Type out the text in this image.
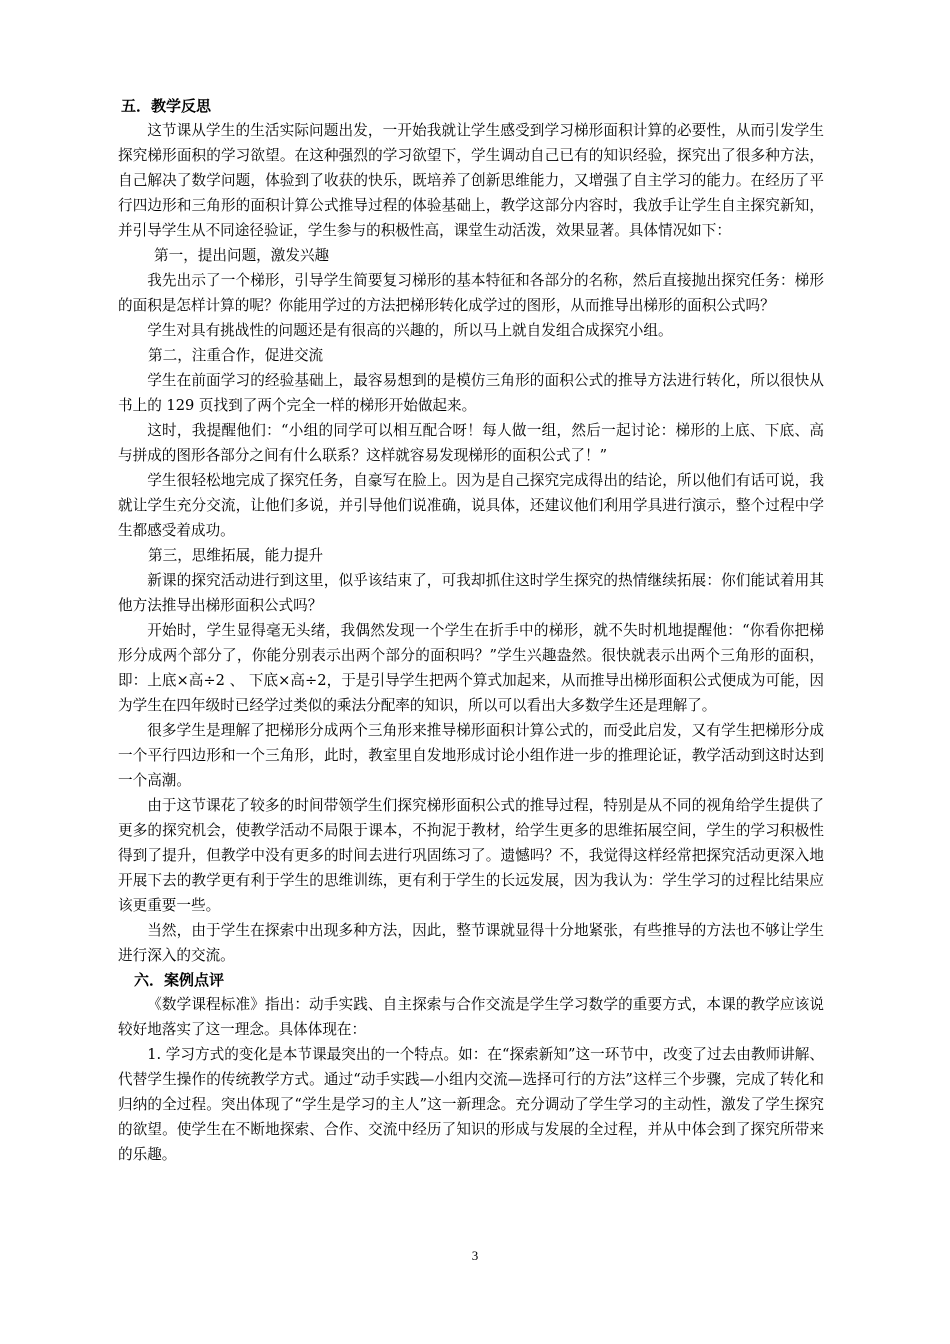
五．教学反思

这节课从学生的生活实际问题出发，一开始我就让学生感受到学习梯形面积计算的必要性，从而引发学生探究梯形面积的学习欲望。在这种强烈的学习欲望下，学生调动自己已有的知识经验，探究出了很多种方法，自己解决了数学问题，体验到了收获的快乐，既培养了创新思维能力，又增强了自主学习的能力。在经历了平行四边形和三角形的面积计算公式推导过程的体验基础上，教学这部分内容时，我放手让学生自主探究新知，并引导学生从不同途径验证，学生参与的积极性高，课堂生动活泼，效果显著。具体情况如下：

第一，提出问题，激发兴趣

我先出示了一个梯形，引导学生简要复习梯形的基本特征和各部分的名称，然后直接抛出探究任务：梯形的面积是怎样计算的呢？你能用学过的方法把梯形转化成学过的图形，从而推导出梯形的面积公式吗？

学生对具有挑战性的问题还是有很高的兴趣的，所以马上就自发组合成探究小组。

第二，注重合作，促进交流

学生在前面学习的经验基础上，最容易想到的是模仿三角形的面积公式的推导方法进行转化，所以很快从书上的 129 页找到了两个完全一样的梯形开始做起来。

这时，我提醒他们：“小组的同学可以相互配合呀！每人做一组，然后一起讨论：梯形的上底、下底、高与拼成的图形各部分之间有什么联系？这样就容易发现梯形的面积公式了！”

学生很轻松地完成了探究任务，自豪写在脸上。因为是自己探究完成得出的结论，所以他们有话可说，我就让学生充分交流，让他们多说，并引导他们说准确，说具体，还建议他们利用学具进行演示，整个过程中学生都感受着成功。

第三，思维拓展，能力提升

新课的探究活动进行到这里，似乎该结束了，可我却抓住这时学生探究的热情继续拓展：你们能试着用其他方法推导出梯形面积公式吗？

开始时，学生显得毫无头绪，我偶然发现一个学生在折手中的梯形，就不失时机地提醒他：“你看你把梯形分成两个部分了，你能分别表示出两个部分的面积吗？”学生兴趣盎然。很快就表示出两个三角形的面积，即：上底×高÷2 、 下底×高÷2，于是引导学生把两个算式加起来，从而推导出梯形面积公式便成为可能，因为学生在四年级时已经学过类似的乘法分配率的知识，所以可以看出大多数学生还是理解了。

很多学生是理解了把梯形分成两个三角形来推导梯形面积计算公式的，而受此启发，又有学生把梯形分成一个平行四边形和一个三角形，此时，教室里自发地形成讨论小组作进一步的推理论证，教学活动到这时达到一个高潮。

由于这节课花了较多的时间带领学生们探究梯形面积公式的推导过程，特别是从不同的视角给学生提供了更多的探究机会，使教学活动不局限于课本，不拘泥于教材，给学生更多的思维拓展空间，学生的学习积极性得到了提升，但教学中没有更多的时间去进行巩固练习了。遗憾吗？不，我觉得这样经常把探究活动更深入地开展下去的教学更有利于学生的思维训练，更有利于学生的长远发展，因为我认为：学生学习的过程比结果应该更重要一些。

当然，由于学生在探索中出现多种方法，因此，整节课就显得十分地紧张，有些推导的方法也不够让学生进行深入的交流。

六．案例点评

《数学课程标准》指出：动手实践、自主探索与合作交流是学生学习数学的重要方式，本课的教学应该说较好地落实了这一理念。具体体现在：

1. 学习方式的变化是本节课最突出的一个特点。如：在“探索新知”这一环节中，改变了过去由教师讲解、代替学生操作的传统教学方式。通过“动手实践—小组内交流—选择可行的方法”这样三个步骤，完成了转化和归纳的全过程。突出体现了“学生是学习的主人”这一新理念。充分调动了学生学习的主动性，激发了学生探究的欲望。使学生在不断地探索、合作、交流中经历了知识的形成与发展的全过程，并从中体会到了探究所带来的乐趣。

3
